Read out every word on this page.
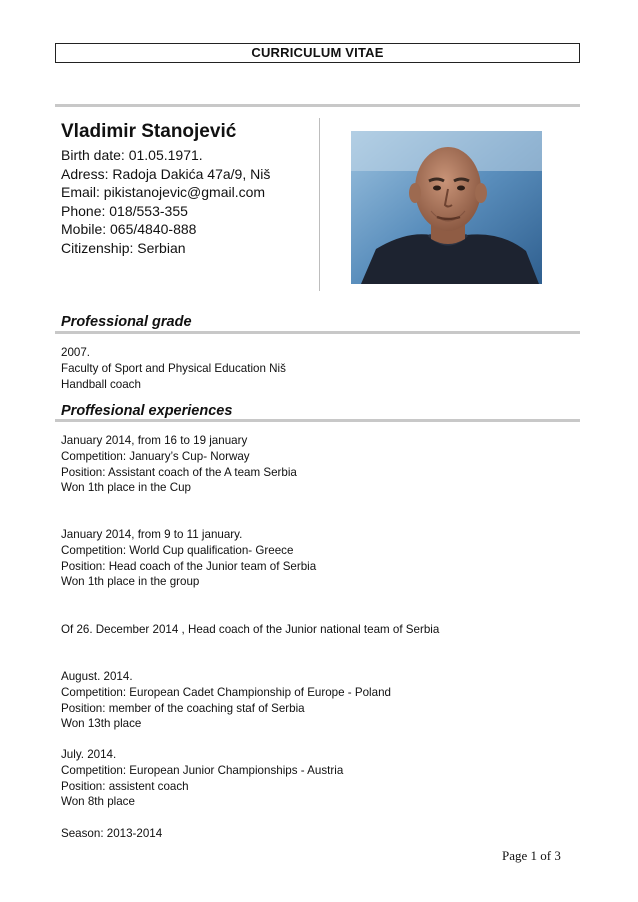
CURRICULUM VITAE
Vladimir Stanojević
Birth date: 01.05.1971.
Adress: Radoja Dakića 47a/9, Niš
Email: pikistanojevic@gmail.com
Phone: 018/553-355
Mobile: 065/4840-888
Citizenship: Serbian
Professional grade
2007.
Faculty of Sport and Physical Education Niš
Handball coach
Proffesional experiences
January 2014, from 16 to 19 january
Competition: January’s Cup- Norway
Position: Assistant coach of the A team Serbia
Won 1th place in the Cup
January 2014, from 9 to 11 january.
Competition: World Cup qualification- Greece
Position: Head coach of the Junior team of Serbia
Won 1th place in the group
Of 26. December 2014 , Head coach of the Junior national team of Serbia
August. 2014.
Competition: European Cadet Championship of Europe - Poland
Position: member of the coaching staf of Serbia
Won 13th place
July. 2014.
Competition: European Junior Championships - Austria
Position: assistent coach
Won 8th place
Season: 2013-2014
Page 1 of 3
